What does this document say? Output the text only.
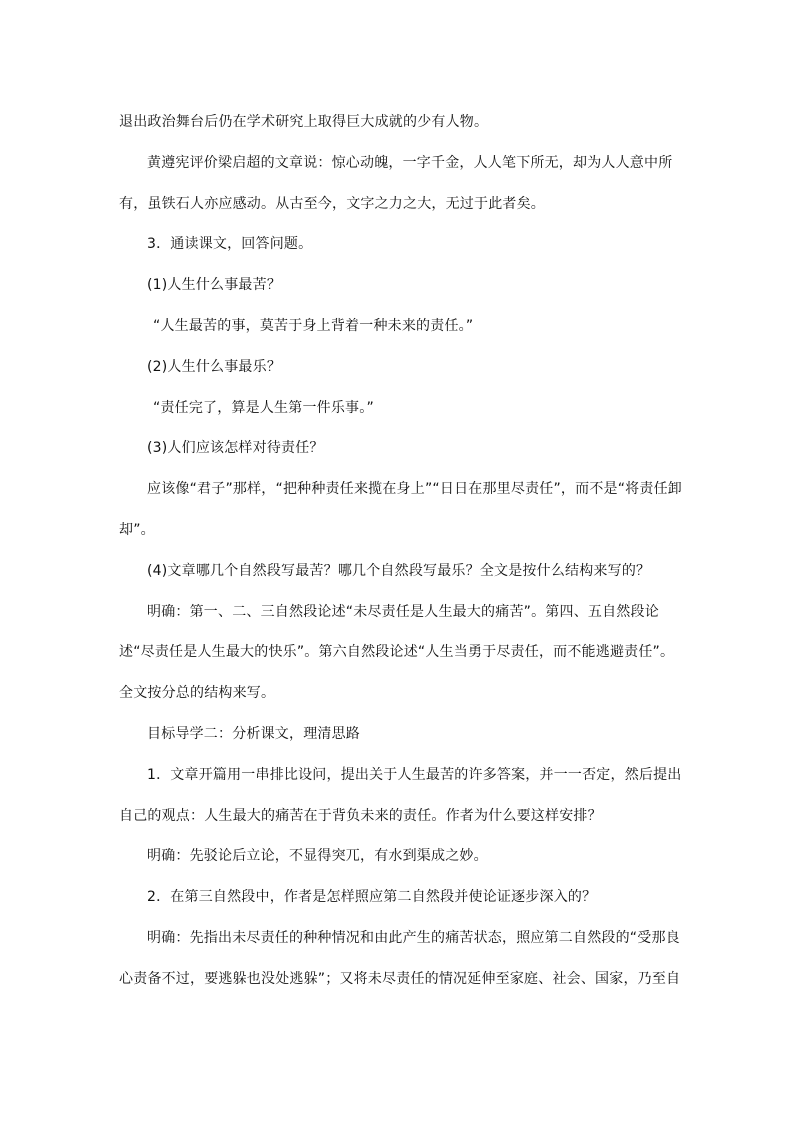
退出政治舞台后仍在学术研究上取得巨大成就的少有人物。

黄遵宪评价梁启超的文章说：惊心动魄，一字千金，人人笔下所无，却为人人意中所有，虽铁石人亦应感动。从古至今，文字之力之大，无过于此者矣。

3．通读课文，回答问题。

(1)人生什么事最苦？

“人生最苦的事，莫苦于身上背着一种未来的责任。”

(2)人生什么事最乐？

“责任完了，算是人生第一件乐事。”

(3)人们应该怎样对待责任？

应该像“君子”那样，“把种种责任来揽在身上”“日日在那里尽责任”，而不是“将责任卸却”。

(4)文章哪几个自然段写最苦？哪几个自然段写最乐？全文是按什么结构来写的？

明确：第一、二、三自然段论述“未尽责任是人生最大的痛苦”。第四、五自然段论述“尽责任是人生最大的快乐”。第六自然段论述“人生当勇于尽责任，而不能逃避责任”。全文按分总的结构来写。

目标导学二：分析课文，理清思路

1．文章开篇用一串排比设问，提出关于人生最苦的许多答案，并一一否定，然后提出自己的观点：人生最大的痛苦在于背负未来的责任。作者为什么要这样安排？

明确：先驳论后立论，不显得突兀，有水到渠成之妙。

2．在第三自然段中，作者是怎样照应第二自然段并使论证逐步深入的？

明确：先指出未尽责任的种种情况和由此产生的痛苦状态，照应第二自然段的“受那良心责备不过，要逃躲也没处逃躲”；又将未尽责任的情况延伸至家庭、社会、国家，乃至自
